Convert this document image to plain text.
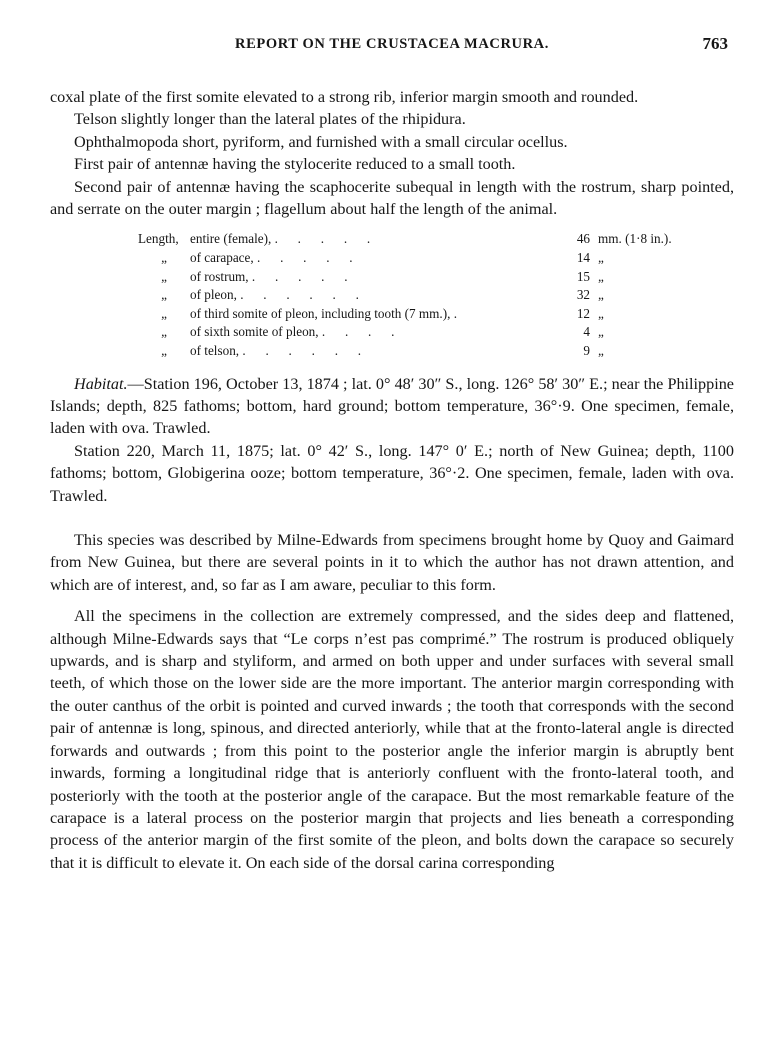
REPORT ON THE CRUSTACEA MACRURA.	763

coxal plate of the first somite elevated to a strong rib, inferior margin smooth and rounded.

Telson slightly longer than the lateral plates of the rhipidura.

Ophthalmopoda short, pyriform, and furnished with a small circular ocellus.

First pair of antennæ having the stylocerite reduced to a small tooth.

Second pair of antennæ having the scaphocerite subequal in length with the rostrum, sharp pointed, and serrate on the outer margin ; flagellum about half the length of the animal.

Length,	entire (female), .      .      .      .      .	46	mm. (1·8 in.).
„	of carapace, .      .      .      .      .	14	„
„	of rostrum, .      .      .      .      .	15	„
„	of pleon, .      .      .      .      .      .	32	„
„	of third somite of pleon, including tooth (7 mm.), .	12	„
„	of sixth somite of pleon, .      .      .      .	4	„
„	of telson, .      .      .      .      .      .	9	„

Habitat.—Station 196, October 13, 1874 ; lat. 0° 48′ 30″ S., long. 126° 58′ 30″ E.; near the Philippine Islands; depth, 825 fathoms; bottom, hard ground; bottom temperature, 36°·9. One specimen, female, laden with ova. Trawled.

Station 220, March 11, 1875; lat. 0° 42′ S., long. 147° 0′ E.; north of New Guinea; depth, 1100 fathoms; bottom, Globigerina ooze; bottom temperature, 36°·2. One specimen, female, laden with ova. Trawled.

This species was described by Milne-Edwards from specimens brought home by Quoy and Gaimard from New Guinea, but there are several points in it to which the author has not drawn attention, and which are of interest, and, so far as I am aware, peculiar to this form.

All the specimens in the collection are extremely compressed, and the sides deep and flattened, although Milne-Edwards says that “Le corps n’est pas comprimé.” The rostrum is produced obliquely upwards, and is sharp and styliform, and armed on both upper and under surfaces with several small teeth, of which those on the lower side are the more important. The anterior margin corresponding with the outer canthus of the orbit is pointed and curved inwards ; the tooth that corresponds with the second pair of antennæ is long, spinous, and directed anteriorly, while that at the fronto-lateral angle is directed forwards and outwards ; from this point to the posterior angle the inferior margin is abruptly bent inwards, forming a longitudinal ridge that is anteriorly confluent with the fronto-lateral tooth, and posteriorly with the tooth at the posterior angle of the carapace. But the most remarkable feature of the carapace is a lateral process on the posterior margin that projects and lies beneath a corresponding process of the anterior margin of the first somite of the pleon, and bolts down the carapace so securely that it is difficult to elevate it. On each side of the dorsal carina corresponding
